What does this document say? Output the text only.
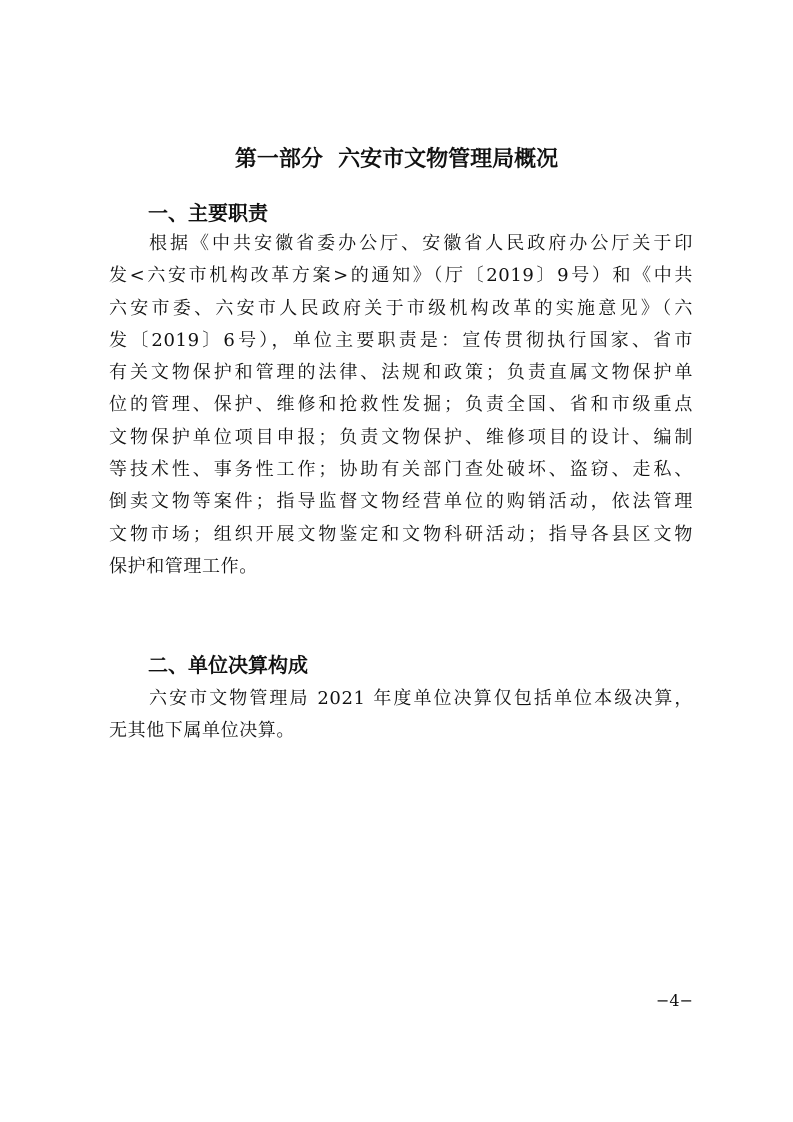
第一部分  六安市文物管理局概况
一、主要职责
根据《中共安徽省委办公厅、安徽省人民政府办公厅关于印
发<六安市机构改革方案>的通知》（厅〔2019〕9号）和《中共
六安市委、六安市人民政府关于市级机构改革的实施意见》（六
发〔2019〕6号），单位主要职责是：宣传贯彻执行国家、省市
有关文物保护和管理的法律、法规和政策；负责直属文物保护单
位的管理、保护、维修和抢救性发掘；负责全国、省和市级重点
文物保护单位项目申报；负责文物保护、维修项目的设计、编制
等技术性、事务性工作；协助有关部门查处破坏、盗窃、走私、
倒卖文物等案件；指导监督文物经营单位的购销活动，依法管理
文物市场；组织开展文物鉴定和文物科研活动；指导各县区文物
保护和管理工作。
二、单位决算构成
六安市文物管理局 2021 年度单位决算仅包括单位本级决算，
无其他下属单位决算。
−4−
